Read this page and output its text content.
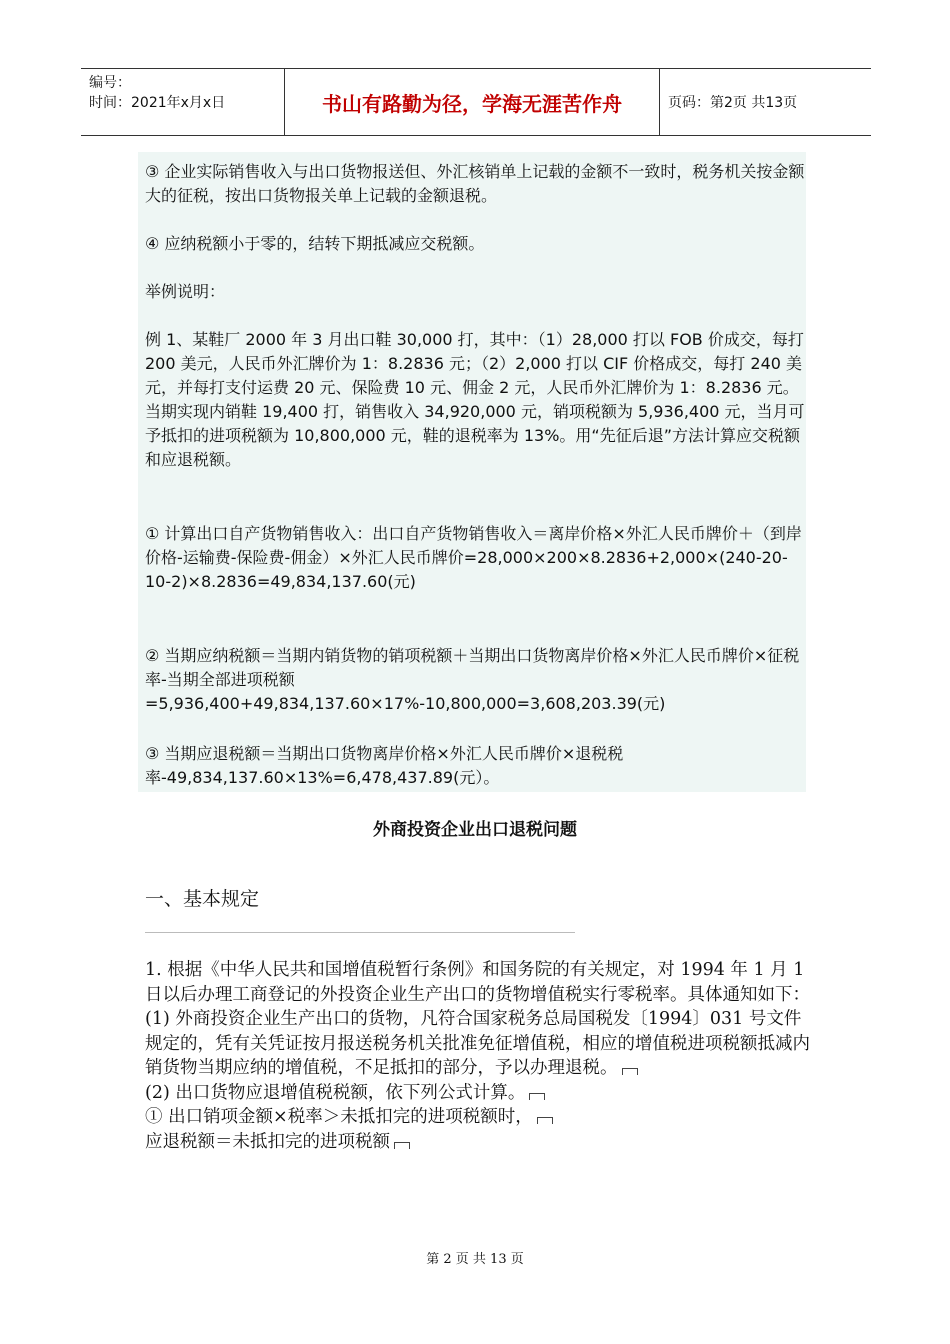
编号：
时间：2021年x月x日	书山有路勤为径，学海无涯苦作舟	页码：第2页 共13页

③ 企业实际销售收入与出口货物报送但、外汇核销单上记载的金额不一致时，税务机关按金额大的征税，按出口货物报关单上记载的金额退税。

④ 应纳税额小于零的，结转下期抵减应交税额。

举例说明：

例 1、某鞋厂 2000 年 3 月出口鞋 30,000 打，其中：（1）28,000 打以 FOB 价成交，每打 200 美元，人民币外汇牌价为 1：8.2836 元；（2）2,000 打以 CIF 价格成交，每打 240 美元，并每打支付运费 20 元、保险费 10 元、佣金 2 元，人民币外汇牌价为 1：8.2836 元。当期实现内销鞋 19,400 打，销售收入 34,920,000 元，销项税额为 5,936,400 元，当月可予抵扣的进项税额为 10,800,000 元，鞋的退税率为 13%。用“先征后退”方法计算应交税额和应退税额。

① 计算出口自产货物销售收入：出口自产货物销售收入＝离岸价格×外汇人民币牌价＋（到岸价格-运输费-保险费-佣金）×外汇人民币牌价=28,000×200×8.2836+2,000×(240-20-10-2)×8.2836=49,834,137.60(元)

② 当期应纳税额＝当期内销货物的销项税额＋当期出口货物离岸价格×外汇人民币牌价×征税率-当期全部进项税额=5,936,400+49,834,137.60×17%-10,800,000=3,608,203.39(元)

③ 当期应退税额＝当期出口货物离岸价格×外汇人民币牌价×退税税率-49,834,137.60×13%=6,478,437.89(元）。

外商投资企业出口退税问题
一、基本规定

1. 根据《中华人民共和国增值税暂行条例》和国务院的有关规定，对 1994 年 1 月 1 日以后办理工商登记的外投资企业生产出口的货物增值税实行零税率。具体通知如下：

(1) 外商投资企业生产出口的货物，凡符合国家税务总局国税发〔1994〕031 号文件规定的，凭有关凭证按月报送税务机关批准免征增值税，相应的增值税进项税额抵减内销货物当期应纳的增值税，不足抵扣的部分，予以办理退税。

(2) 出口货物应退增值税税额，依下列公式计算。

① 出口销项金额×税率＞未抵扣完的进项税额时，

应退税额＝未抵扣完的进项税额

第 2 页 共 13 页
